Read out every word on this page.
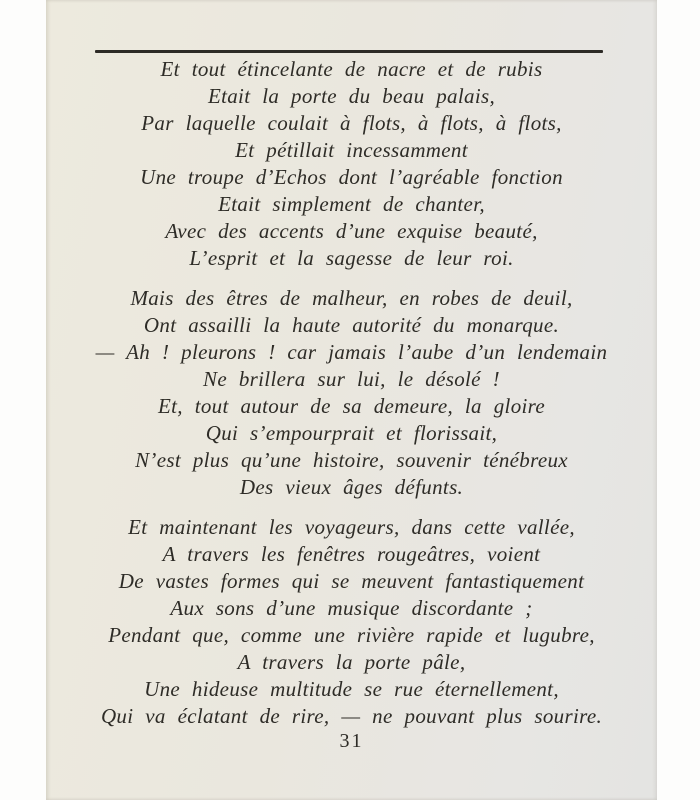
Et tout étincelante de nacre et de rubis
Etait la porte du beau palais,
Par laquelle coulait à flots, à flots, à flots,
Et pétillait incessamment
Une troupe d’Echos dont l’agréable fonction
Etait simplement de chanter,
Avec des accents d’une exquise beauté,
L’esprit et la sagesse de leur roi.
Mais des êtres de malheur, en robes de deuil,
Ont assailli la haute autorité du monarque.
— Ah ! pleurons ! car jamais l’aube d’un lendemain
Ne brillera sur lui, le désolé !
Et, tout autour de sa demeure, la gloire
Qui s’empourprait et florissait,
N’est plus qu’une histoire, souvenir ténébreux
Des vieux âges défunts.
Et maintenant les voyageurs, dans cette vallée,
A travers les fenêtres rougeâtres, voient
De vastes formes qui se meuvent fantastiquement
Aux sons d’une musique discordante ;
Pendant que, comme une rivière rapide et lugubre,
A travers la porte pâle,
Une hideuse multitude se rue éternellement,
Qui va éclatant de rire, — ne pouvant plus sourire.
31
